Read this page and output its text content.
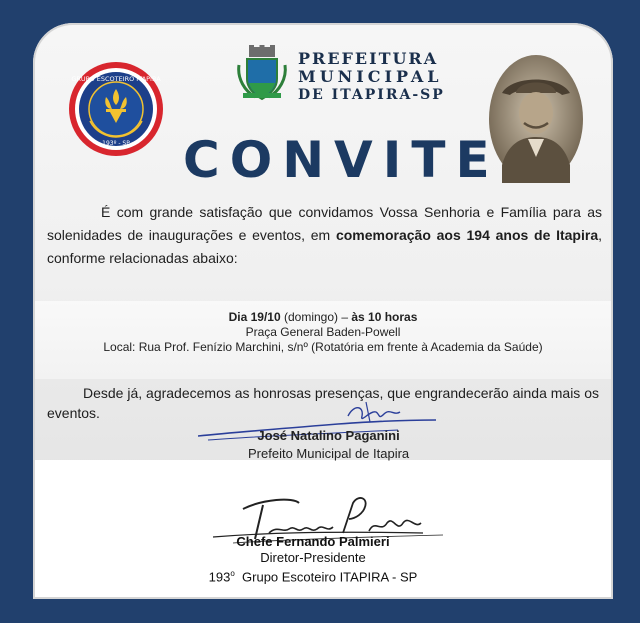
GRUPO ESCOTEIRO ITAPIRA
193º - SP
PREFEITURA
MUNICIPAL
DE ITAPIRA-SP
CONVITE
É com grande satisfação que convidamos Vossa Senhoria e Família para as solenidades de inaugurações e eventos, em comemoração aos 194 anos de Itapira, conforme relacionadas abaixo:
Dia 19/10 (domingo) – às 10 horas
Praça General Baden-Powell
Local: Rua Prof. Fenízio Marchini, s/nº (Rotatória em frente à Academia da Saúde)
Desde já, agradecemos as honrosas presenças, que engrandecerão ainda mais os eventos.
José Natalino Paganini
Prefeito Municipal de Itapira
Chefe Fernando Palmieri
Diretor-Presidente
193$^o$  Grupo Escoteiro ITAPIRA - SP
